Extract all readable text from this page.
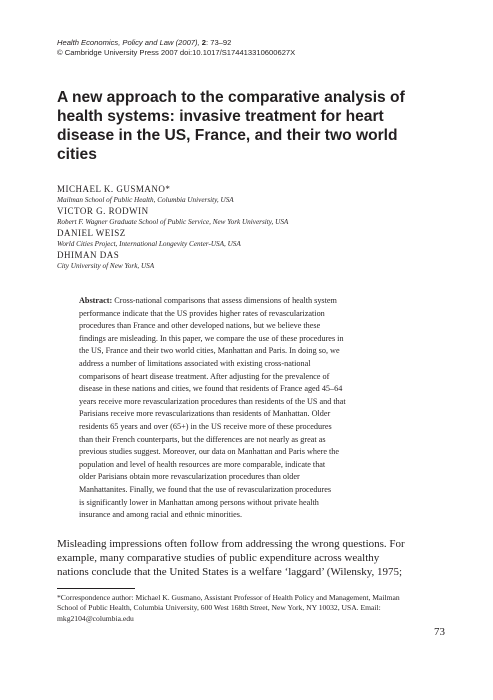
Health Economics, Policy and Law (2007), 2: 73–92
© Cambridge University Press 2007 doi:10.1017/S174413310600627X
A new approach to the comparative analysis of health systems: invasive treatment for heart disease in the US, France, and their two world cities
MICHAEL K. GUSMANO*
Mailman School of Public Health, Columbia University, USA
VICTOR G. RODWIN
Robert F. Wagner Graduate School of Public Service, New York University, USA
DANIEL WEISZ
World Cities Project, International Longevity Center-USA, USA
DHIMAN DAS
City University of New York, USA
Abstract: Cross-national comparisons that assess dimensions of health system
performance indicate that the US provides higher rates of revascularization
procedures than France and other developed nations, but we believe these
findings are misleading. In this paper, we compare the use of these procedures in
the US, France and their two world cities, Manhattan and Paris. In doing so, we
address a number of limitations associated with existing cross-national
comparisons of heart disease treatment. After adjusting for the prevalence of
disease in these nations and cities, we found that residents of France aged 45–64
years receive more revascularization procedures than residents of the US and that
Parisians receive more revascularizations than residents of Manhattan. Older
residents 65 years and over (65+) in the US receive more of these procedures
than their French counterparts, but the differences are not nearly as great as
previous studies suggest. Moreover, our data on Manhattan and Paris where the
population and level of health resources are more comparable, indicate that
older Parisians obtain more revascularization procedures than older
Manhattanites. Finally, we found that the use of revascularization procedures
is significantly lower in Manhattan among persons without private health
insurance and among racial and ethnic minorities.
Misleading impressions often follow from addressing the wrong questions. For
example, many comparative studies of public expenditure across wealthy
nations conclude that the United States is a welfare ‘laggard’ (Wilensky, 1975;
*Correspondence author: Michael K. Gusmano, Assistant Professor of Health Policy and Management, Mailman
School of Public Health, Columbia University, 600 West 168th Street, New York, NY 10032, USA. Email:
mkg2104@columbia.edu
73
